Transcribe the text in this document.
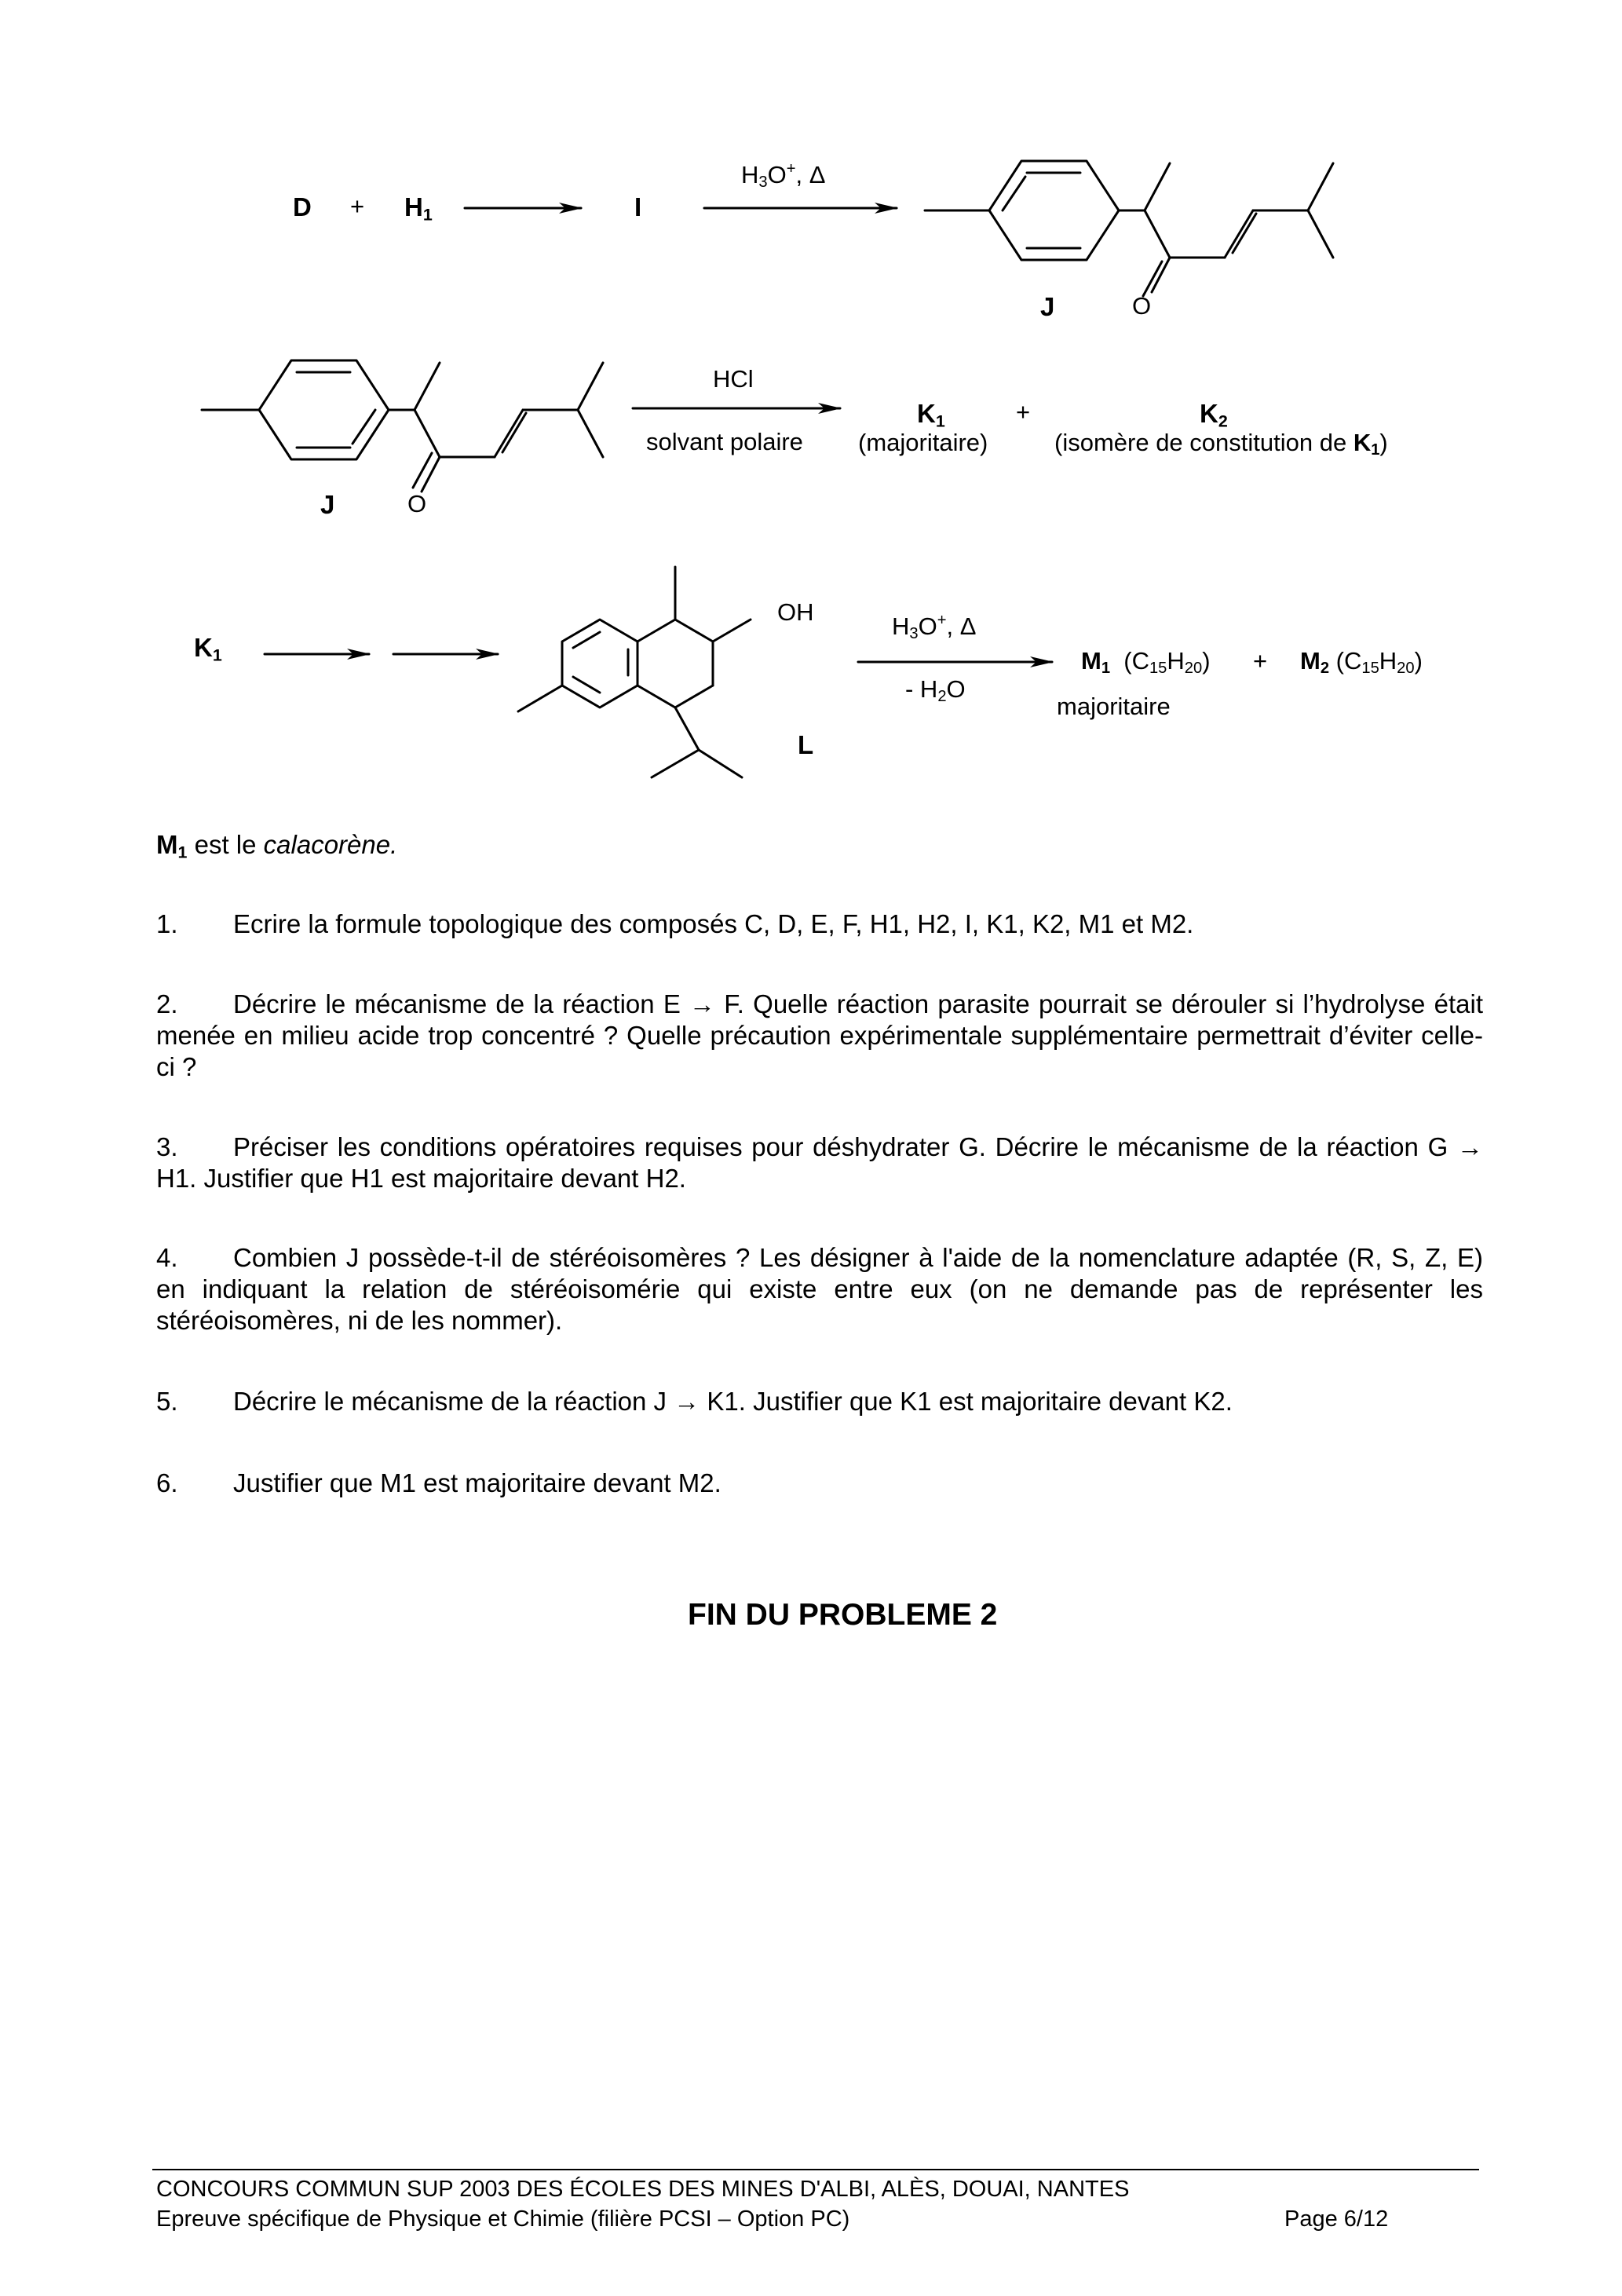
$D + H_1$	I
$H_3O^+$, Δ
J	O
J	O
HCl
solvant polaire
$K_1$
(majoritaire)
+	$K_2$
(isomère de constitution de $K_1$)
$K_1$
OH
L
$H_3O^+$, Δ
- $H_2O$
$M_1$ $(C_{15}H_{20}) + M_2$ $(C_{15}H_{20})$
majoritaire
$M_1$ est le calacorène.
1. Ecrire la formule topologique des composés C, D, E, F, H1, H2, I, K1, K2, M1 et M2.
2. Décrire le mécanisme de la réaction E → F. Quelle réaction parasite pourrait se dérouler si l’hydrolyse était menée en milieu acide trop concentré ? Quelle précaution expérimentale supplémentaire permettrait d’éviter celle-ci ?
3. Préciser les conditions opératoires requises pour déshydrater G. Décrire le mécanisme de la réaction G → H1. Justifier que H1 est majoritaire devant H2.
4. Combien J possède-t-il de stéréoisomères ? Les désigner à l'aide de la nomenclature adaptée (R, S, Z, E) en indiquant la relation de stéréoisomérie qui existe entre eux (on ne demande pas de représenter les stéréoisomères, ni de les nommer).
5. Décrire le mécanisme de la réaction J → K1. Justifier que K1 est majoritaire devant K2.
6. Justifier que M1 est majoritaire devant M2.
FIN DU PROBLEME 2
CONCOURS COMMUN SUP 2003 DES ÉCOLES DES MINES D'ALBI, ALÈS, DOUAI, NANTES
Epreuve spécifique de Physique et Chimie (filière PCSI – Option PC)	Page 6/12
